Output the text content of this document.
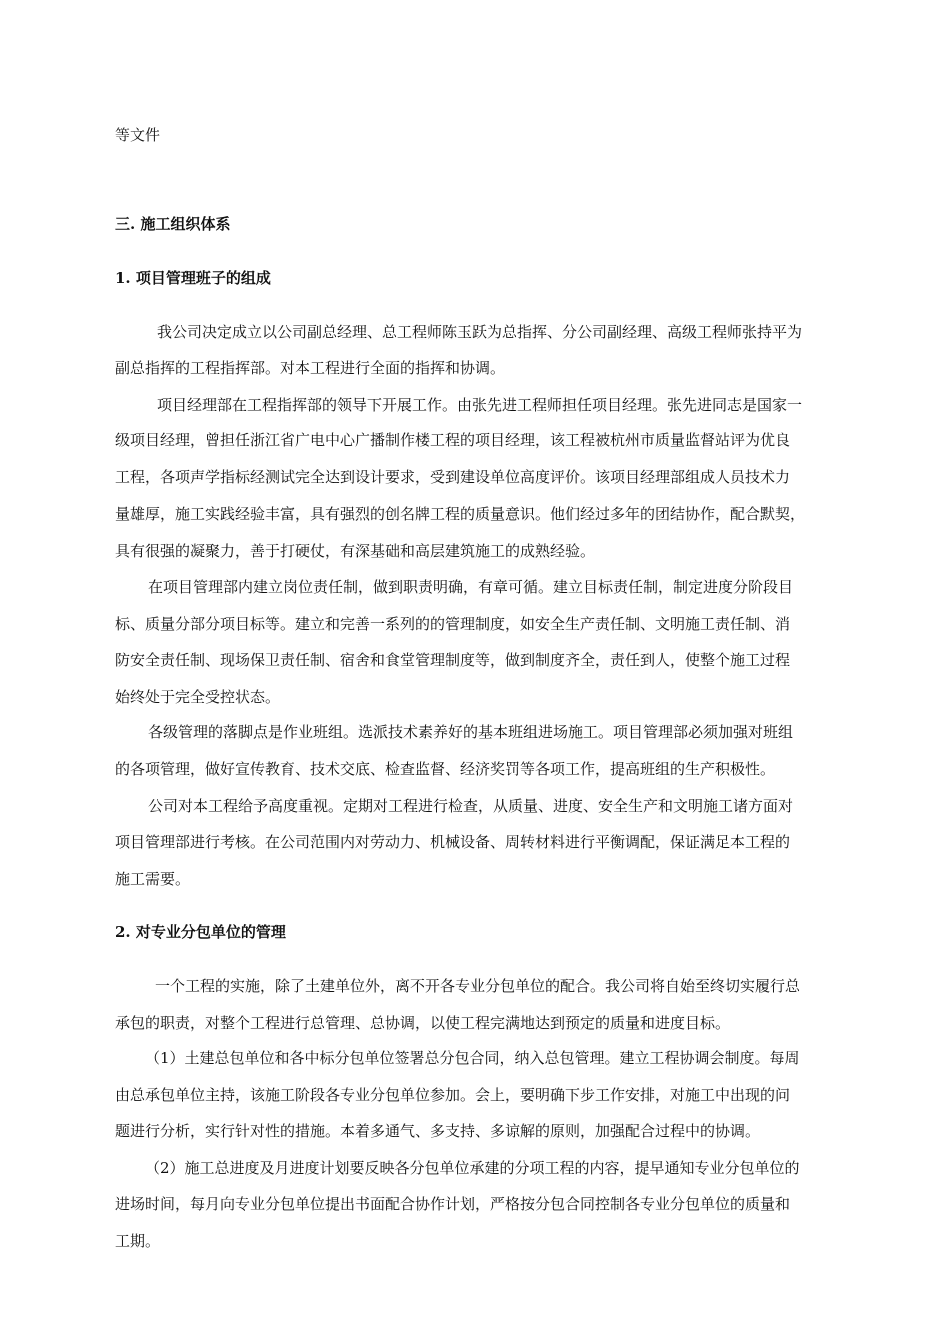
等文件
三. 施工组织体系
1. 项目管理班子的组成
我公司决定成立以公司副总经理、总工程师陈玉跃为总指挥、分公司副经理、高级工程师张持平为
副总指挥的工程指挥部。对本工程进行全面的指挥和协调。
项目经理部在工程指挥部的领导下开展工作。由张先进工程师担任项目经理。张先进同志是国家一
级项目经理，曾担任浙江省广电中心广播制作楼工程的项目经理，该工程被杭州市质量监督站评为优良
工程，各项声学指标经测试完全达到设计要求，受到建设单位高度评价。该项目经理部组成人员技术力
量雄厚，施工实践经验丰富，具有强烈的创名牌工程的质量意识。他们经过多年的团结协作，配合默契，
具有很强的凝聚力，善于打硬仗，有深基础和高层建筑施工的成熟经验。
在项目管理部内建立岗位责任制，做到职责明确，有章可循。建立目标责任制，制定进度分阶段目
标、质量分部分项目标等。建立和完善一系列的的管理制度，如安全生产责任制、文明施工责任制、消
防安全责任制、现场保卫责任制、宿舍和食堂管理制度等，做到制度齐全，责任到人，使整个施工过程
始终处于完全受控状态。
各级管理的落脚点是作业班组。选派技术素养好的基本班组进场施工。项目管理部必须加强对班组
的各项管理，做好宣传教育、技术交底、检查监督、经济奖罚等各项工作，提高班组的生产积极性。
公司对本工程给予高度重视。定期对工程进行检查，从质量、进度、安全生产和文明施工诸方面对
项目管理部进行考核。在公司范围内对劳动力、机械设备、周转材料进行平衡调配，保证满足本工程的
施工需要。
2. 对专业分包单位的管理
一个工程的实施，除了土建单位外，离不开各专业分包单位的配合。我公司将自始至终切实履行总
承包的职责，对整个工程进行总管理、总协调，以使工程完满地达到预定的质量和进度目标。
（1）土建总包单位和各中标分包单位签署总分包合同，纳入总包管理。建立工程协调会制度。每周
由总承包单位主持，该施工阶段各专业分包单位参加。会上，要明确下步工作安排，对施工中出现的问
题进行分析，实行针对性的措施。本着多通气、多支持、多谅解的原则，加强配合过程中的协调。
（2）施工总进度及月进度计划要反映各分包单位承建的分项工程的内容，提早通知专业分包单位的
进场时间，每月向专业分包单位提出书面配合协作计划，严格按分包合同控制各专业分包单位的质量和
工期。
